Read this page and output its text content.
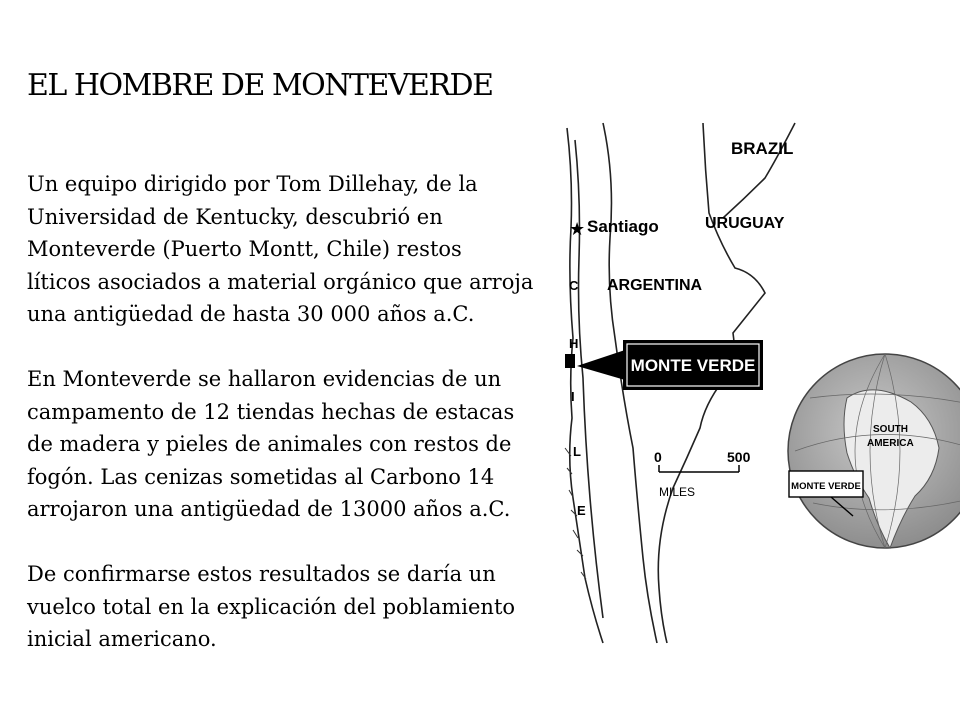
EL HOMBRE DE MONTEVERDE

Un equipo dirigido por Tom Dillehay, de la
Universidad de Kentucky, descubrió en
Monteverde (Puerto Montt, Chile) restos
líticos asociados a material orgánico que arroja
una antigüedad de hasta 30 000 años a.C.

En Monteverde se hallaron evidencias de un
campamento de 12 tiendas hechas de estacas
de madera y pieles de animales con restos de
fogón. Las cenizas sometidas al Carbono 14
arrojaron una antigüedad de 13000 años a.C.

De confirmarse estos resultados se daría un
vuelco total en la explicación del poblamiento
inicial americano.

BRAZIL
★ Santiago	URUGUAY
ARGENTINA
C
H
I
L
E
MONTE VERDE
0	500
MILES
SOUTH
AMERICA
MONTE VERDE
